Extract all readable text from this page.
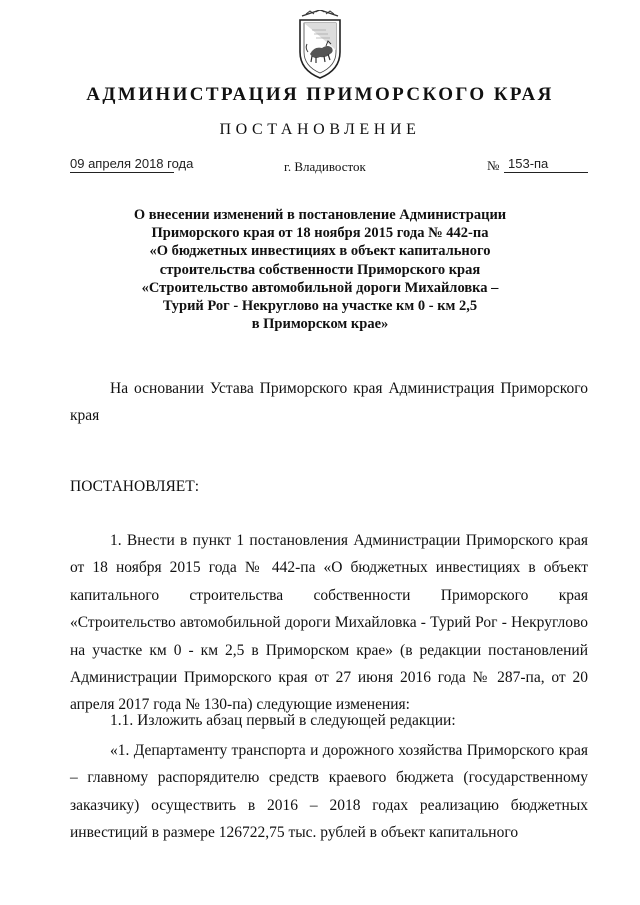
АДМИНИСТРАЦИЯ ПРИМОРСКОГО КРАЯ
ПОСТАНОВЛЕНИЕ
09 апреля 2018 года	г. Владивосток	№ 153-па
О внесении изменений в постановление Администрации
Приморского края от 18 ноября 2015 года № 442-па
«О бюджетных инвестициях в объект капитального
строительства собственности Приморского края
«Строительство автомобильной дороги Михайловка –
Турий Рог - Некруглово на участке км 0 - км 2,5
в Приморском крае»
На основании Устава Приморского края Администрация Приморского края
ПОСТАНОВЛЯЕТ:
1. Внести в пункт 1 постановления Администрации Приморского края от 18 ноября 2015 года № 442-па «О бюджетных инвестициях в объект капитального строительства собственности Приморского края «Строительство автомобильной дороги Михайловка - Турий Рог - Некруглово на участке км 0 - км 2,5 в Приморском крае» (в редакции постановлений Администрации Приморского края от 27 июня 2016 года № 287-па, от 20 апреля 2017 года № 130-па) следующие изменения:
1.1. Изложить абзац первый в следующей редакции:
«1. Департаменту транспорта и дорожного хозяйства Приморского края – главному распорядителю средств краевого бюджета (государственному заказчику) осуществить в 2016 – 2018 годах реализацию бюджетных инвестиций в размере 126722,75 тыс. рублей в объект капитального
